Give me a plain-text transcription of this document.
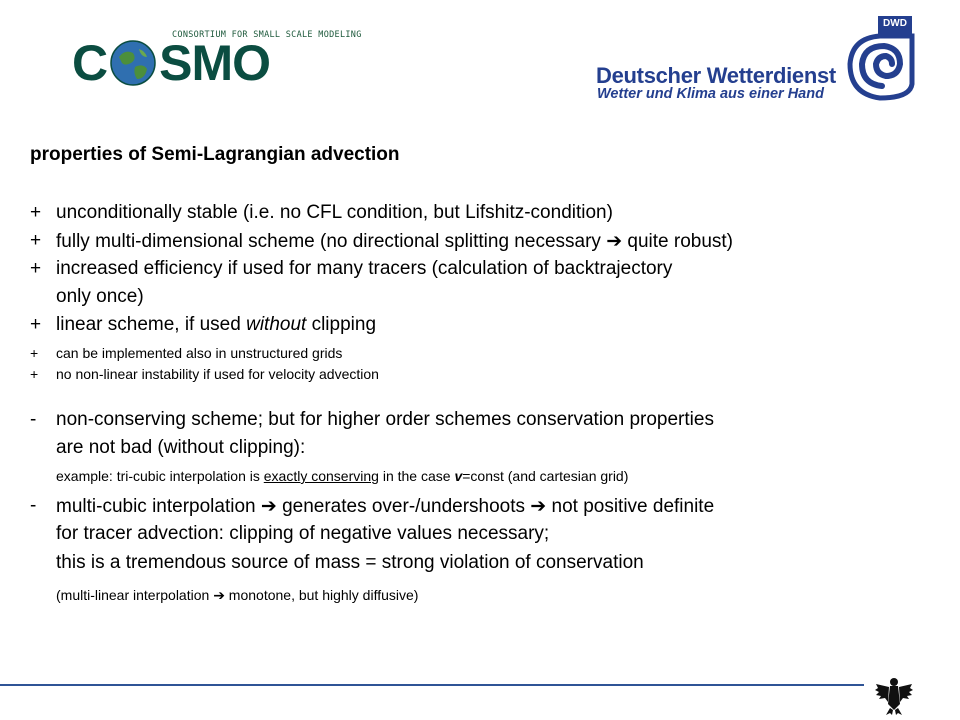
CONSORTIUM FOR SMALL SCALE MODELING
C SMO	Deutscher Wetterdienst
Wetter und Klima aus einer Hand
DWD
properties of Semi-Lagrangian advection
+ unconditionally stable (i.e. no CFL condition, but Lifshitz-condition)
+ fully multi-dimensional scheme (no directional splitting necessary ➔ quite robust)
+ increased efficiency if used for many tracers (calculation of backtrajectory
only once)
+ linear scheme, if used without clipping
+	can be implemented also in unstructured grids
+	no non-linear instability if used for velocity advection
-	non-conserving scheme; but for higher order schemes conservation properties
are not bad (without clipping):
example: tri-cubic interpolation is exactly conserving in the case v=const (and cartesian grid)
-	multi-cubic interpolation ➔ generates over-/undershoots ➔ not positive definite
for tracer advection: clipping of negative values necessary;
this is a tremendous source of mass = strong violation of conservation
(multi-linear interpolation ➔ monotone, but highly diffusive)
